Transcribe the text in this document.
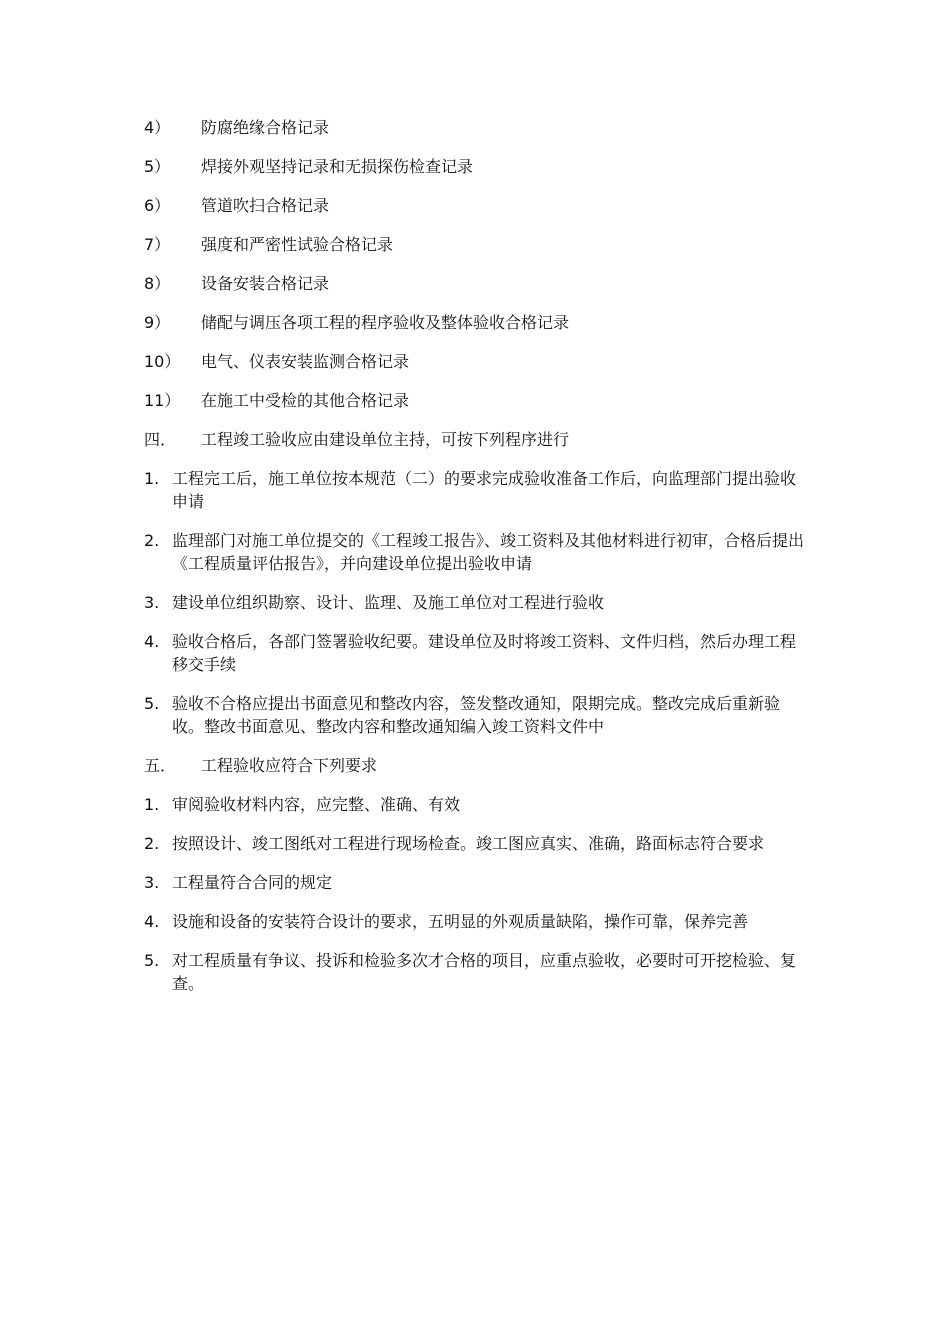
4）	防腐绝缘合格记录
5）	焊接外观坚持记录和无损探伤检查记录
6）	管道吹扫合格记录
7）	强度和严密性试验合格记录
8）	设备安装合格记录
9）	储配与调压各项工程的程序验收及整体验收合格记录
10）	电气、仪表安装监测合格记录
11）	在施工中受检的其他合格记录
四．	工程竣工验收应由建设单位主持，可按下列程序进行
1. 工程完工后，施工单位按本规范（二）的要求完成验收准备工作后，向监理部门提出验收申请
2. 监理部门对施工单位提交的《工程竣工报告》、竣工资料及其他材料进行初审，合格后提出《工程质量评估报告》，并向建设单位提出验收申请
3. 建设单位组织勘察、设计、监理、及施工单位对工程进行验收
4. 验收合格后，各部门签署验收纪要。建设单位及时将竣工资料、文件归档，然后办理工程移交手续
5. 验收不合格应提出书面意见和整改内容，签发整改通知，限期完成。整改完成后重新验收。整改书面意见、整改内容和整改通知编入竣工资料文件中
五．	工程验收应符合下列要求
1. 审阅验收材料内容，应完整、准确、有效
2. 按照设计、竣工图纸对工程进行现场检查。竣工图应真实、准确，路面标志符合要求
3. 工程量符合合同的规定
4. 设施和设备的安装符合设计的要求，五明显的外观质量缺陷，操作可靠，保养完善
5. 对工程质量有争议、投诉和检验多次才合格的项目，应重点验收，必要时可开挖检验、复查。
